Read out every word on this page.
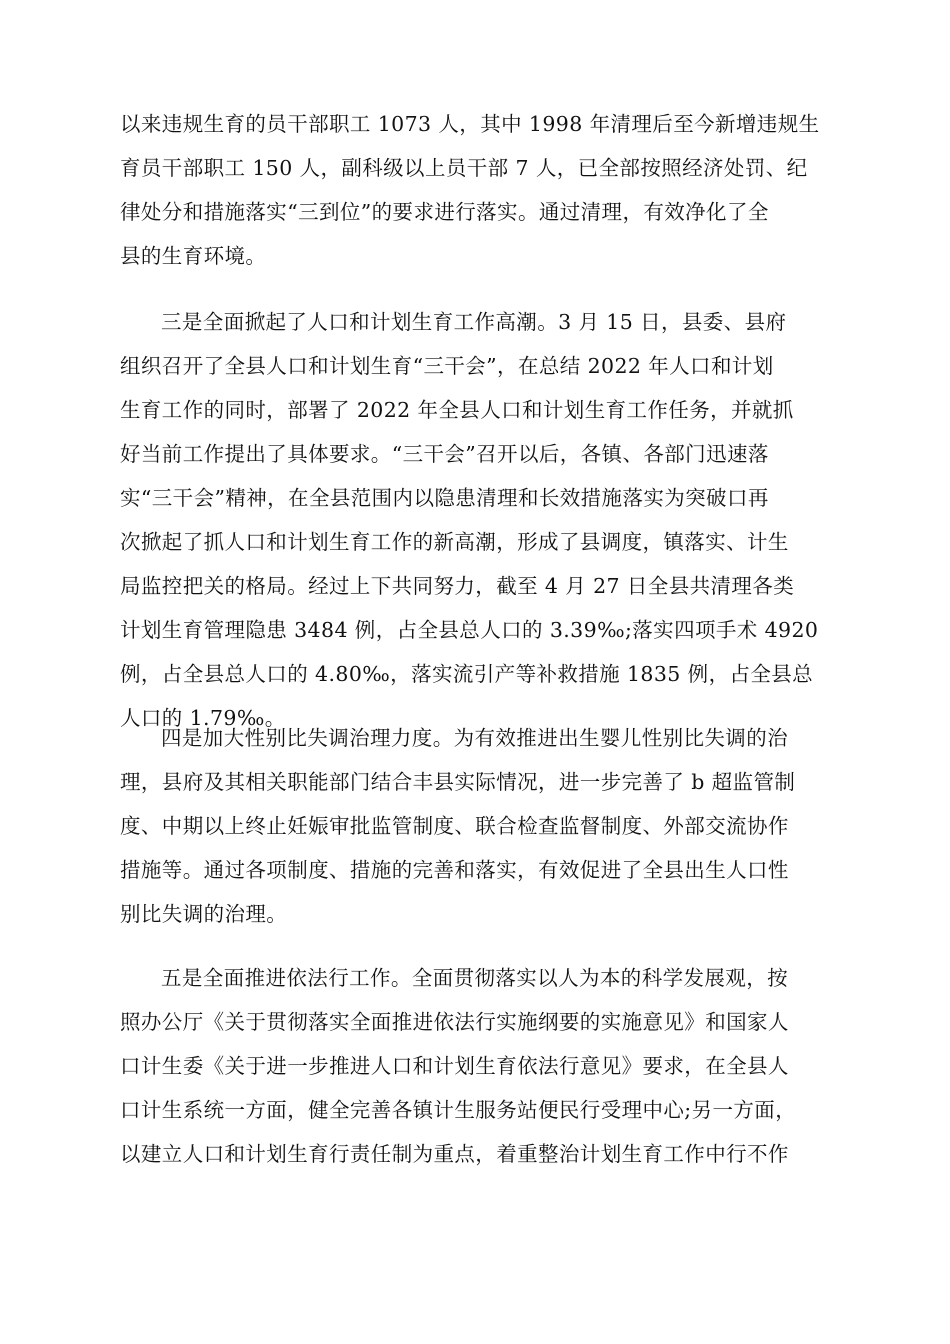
以来违规生育的员干部职工 1073 人，其中 1998 年清理后至今新增违规生
育员干部职工 150 人，副科级以上员干部 7 人，已全部按照经济处罚、纪
律处分和措施落实“三到位”的要求进行落实。通过清理，有效净化了全
县的生育环境。
三是全面掀起了人口和计划生育工作高潮。3 月 15 日，县委、县府
组织召开了全县人口和计划生育“三干会”，在总结 2022 年人口和计划
生育工作的同时，部署了 2022 年全县人口和计划生育工作任务，并就抓
好当前工作提出了具体要求。“三干会”召开以后，各镇、各部门迅速落
实“三干会”精神，在全县范围内以隐患清理和长效措施落实为突破口再
次掀起了抓人口和计划生育工作的新高潮，形成了县调度，镇落实、计生
局监控把关的格局。经过上下共同努力，截至 4 月 27 日全县共清理各类
计划生育管理隐患 3484 例，占全县总人口的 3.39‰;落实四项手术 4920
例，占全县总人口的 4.80‰，落实流引产等补救措施 1835 例，占全县总
人口的 1.79‰。
四是加大性别比失调治理力度。为有效推进出生婴儿性别比失调的治
理，县府及其相关职能部门结合丰县实际情况，进一步完善了 b 超监管制
度、中期以上终止妊娠审批监管制度、联合检查监督制度、外部交流协作
措施等。通过各项制度、措施的完善和落实，有效促进了全县出生人口性
别比失调的治理。
五是全面推进依法行工作。全面贯彻落实以人为本的科学发展观，按
照办公厅《关于贯彻落实全面推进依法行实施纲要的实施意见》和国家人
口计生委《关于进一步推进人口和计划生育依法行意见》要求，在全县人
口计生系统一方面，健全完善各镇计生服务站便民行受理中心;另一方面，
以建立人口和计划生育行责任制为重点，着重整治计划生育工作中行不作
